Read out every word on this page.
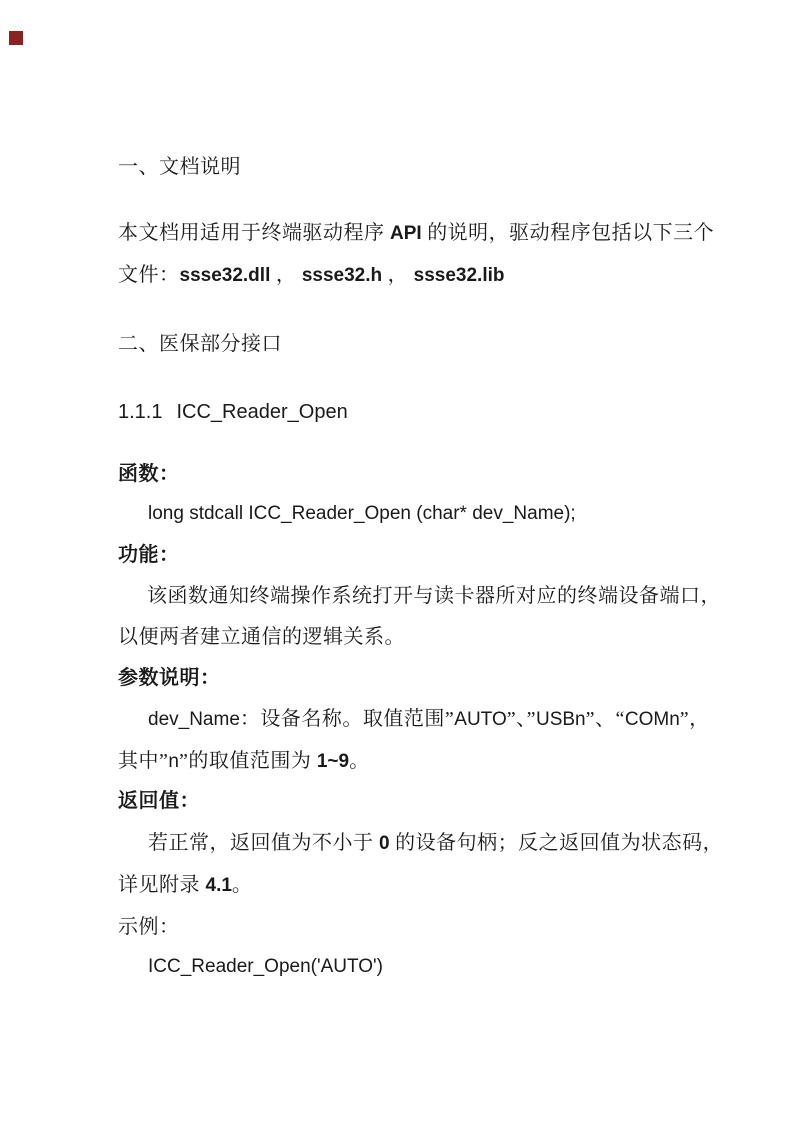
一、文档说明

本文档用适用于终端驱动程序 API 的说明，驱动程序包括以下三个

文件：ssse32.dll ， ssse32.h ， ssse32.lib

二、医保部分接口

1.1.1 ICC_Reader_Open

函数：

long stdcall ICC_Reader_Open (char* dev_Name);

功能：

该函数通知终端操作系统打开与读卡器所对应的终端设备端口，

以便两者建立通信的逻辑关系。

参数说明：

dev_Name：设备名称。取值范围”AUTO”、”USBn”、“COMn”，

其中”n”的取值范围为 1~9。

返回值：

若正常，返回值为不小于 0 的设备句柄；反之返回值为状态码，

详见附录 4.1。

示例：

ICC_Reader_Open('AUTO')
